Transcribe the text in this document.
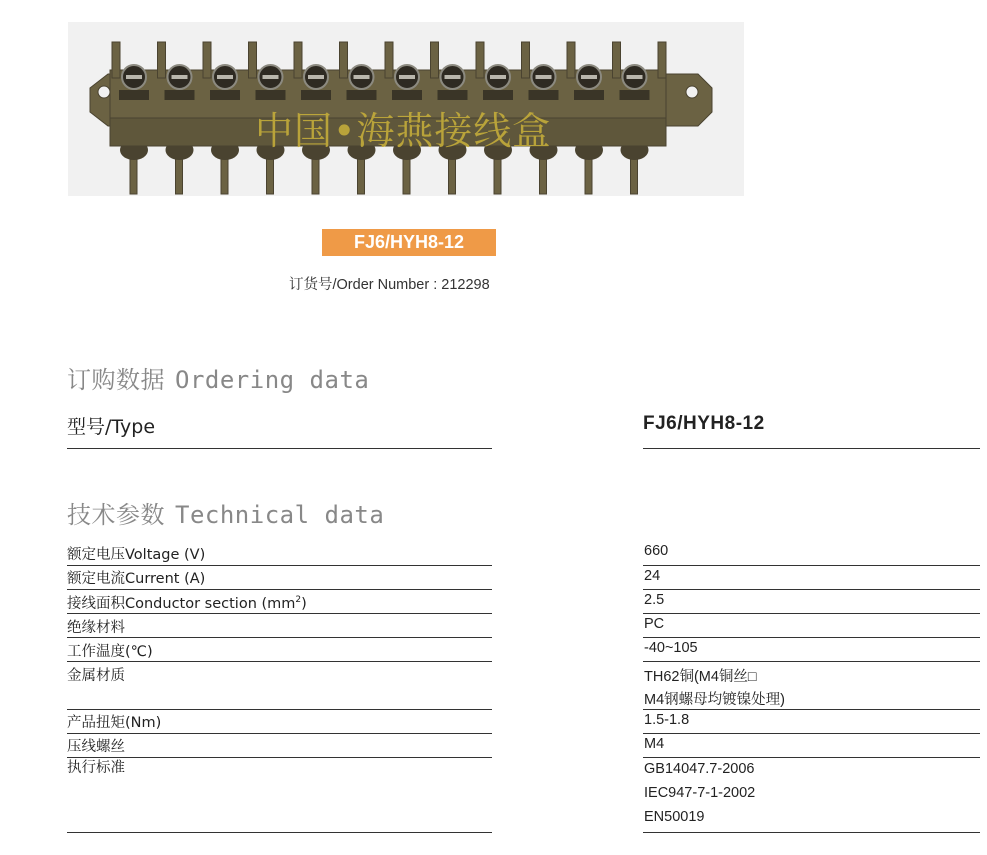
中国•海燕接线盒
FJ6/HYH8-12
订货号/Order Number : 212298
订购数据 Ordering data
型号/Type	FJ6/HYH8-12
技术参数 Technical data
额定电压Voltage (V)	660
额定电流Current (A)	24
接线面积Conductor section $(mm^2)$	2.5
绝缘材料	PC
工作温度(℃)	-40~105
金属材质	TH62铜(M4铜丝□
M4钢螺母均镀镍处理)
产品扭矩(Nm)	1.5-1.8
压线螺丝	M4
执行标准	GB14047.7-2006
IEC947-7-1-2002
EN50019
